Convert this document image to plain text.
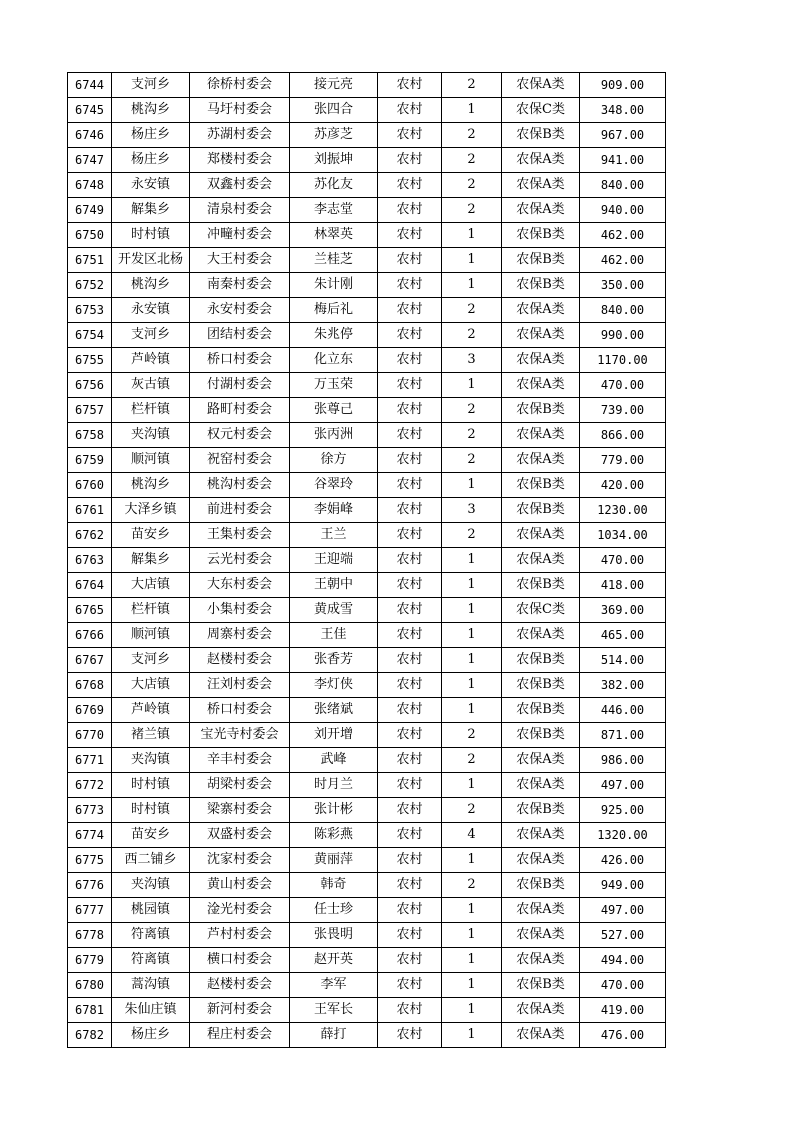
6744	支河乡	徐桥村委会	接元亮	农村	2	农保A类	909.00
6745	桃沟乡	马圩村委会	张四合	农村	1	农保C类	348.00
6746	杨庄乡	苏湖村委会	苏彦芝	农村	2	农保B类	967.00
6747	杨庄乡	郑楼村委会	刘振坤	农村	2	农保A类	941.00
6748	永安镇	双鑫村委会	苏化友	农村	2	农保A类	840.00
6749	解集乡	清泉村委会	李志堂	农村	2	农保A类	940.00
6750	时村镇	冲疃村委会	林翠英	农村	1	农保B类	462.00
6751	开发区北杨	大王村委会	兰桂芝	农村	1	农保B类	462.00
6752	桃沟乡	南秦村委会	朱计刚	农村	1	农保B类	350.00
6753	永安镇	永安村委会	梅后礼	农村	2	农保A类	840.00
6754	支河乡	团结村委会	朱兆停	农村	2	农保A类	990.00
6755	芦岭镇	桥口村委会	化立东	农村	3	农保A类	1170.00
6756	灰古镇	付湖村委会	万玉荣	农村	1	农保A类	470.00
6757	栏杆镇	路町村委会	张尊己	农村	2	农保B类	739.00
6758	夹沟镇	权元村委会	张丙洲	农村	2	农保A类	866.00
6759	顺河镇	祝窑村委会	徐方	农村	2	农保A类	779.00
6760	桃沟乡	桃沟村委会	谷翠玲	农村	1	农保B类	420.00
6761	大泽乡镇	前进村委会	李娟峰	农村	3	农保B类	1230.00
6762	苗安乡	王集村委会	王兰	农村	2	农保A类	1034.00
6763	解集乡	云光村委会	王迎端	农村	1	农保A类	470.00
6764	大店镇	大东村委会	王朝中	农村	1	农保B类	418.00
6765	栏杆镇	小集村委会	黄成雪	农村	1	农保C类	369.00
6766	顺河镇	周寨村委会	王佳	农村	1	农保A类	465.00
6767	支河乡	赵楼村委会	张香芳	农村	1	农保B类	514.00
6768	大店镇	汪刘村委会	李灯侠	农村	1	农保B类	382.00
6769	芦岭镇	桥口村委会	张绪斌	农村	1	农保B类	446.00
6770	褚兰镇	宝光寺村委会	刘开增	农村	2	农保B类	871.00
6771	夹沟镇	辛丰村委会	武峰	农村	2	农保A类	986.00
6772	时村镇	胡梁村委会	时月兰	农村	1	农保A类	497.00
6773	时村镇	梁寨村委会	张计彬	农村	2	农保B类	925.00
6774	苗安乡	双盛村委会	陈彩燕	农村	4	农保A类	1320.00
6775	西二铺乡	沈家村委会	黄丽萍	农村	1	农保A类	426.00
6776	夹沟镇	黄山村委会	韩奇	农村	2	农保B类	949.00
6777	桃园镇	淦光村委会	任士珍	农村	1	农保A类	497.00
6778	符离镇	芦村村委会	张畏明	农村	1	农保A类	527.00
6779	符离镇	横口村委会	赵开英	农村	1	农保A类	494.00
6780	蒿沟镇	赵楼村委会	李军	农村	1	农保B类	470.00
6781	朱仙庄镇	新河村委会	王军长	农村	1	农保A类	419.00
6782	杨庄乡	程庄村委会	薛打	农村	1	农保A类	476.00
